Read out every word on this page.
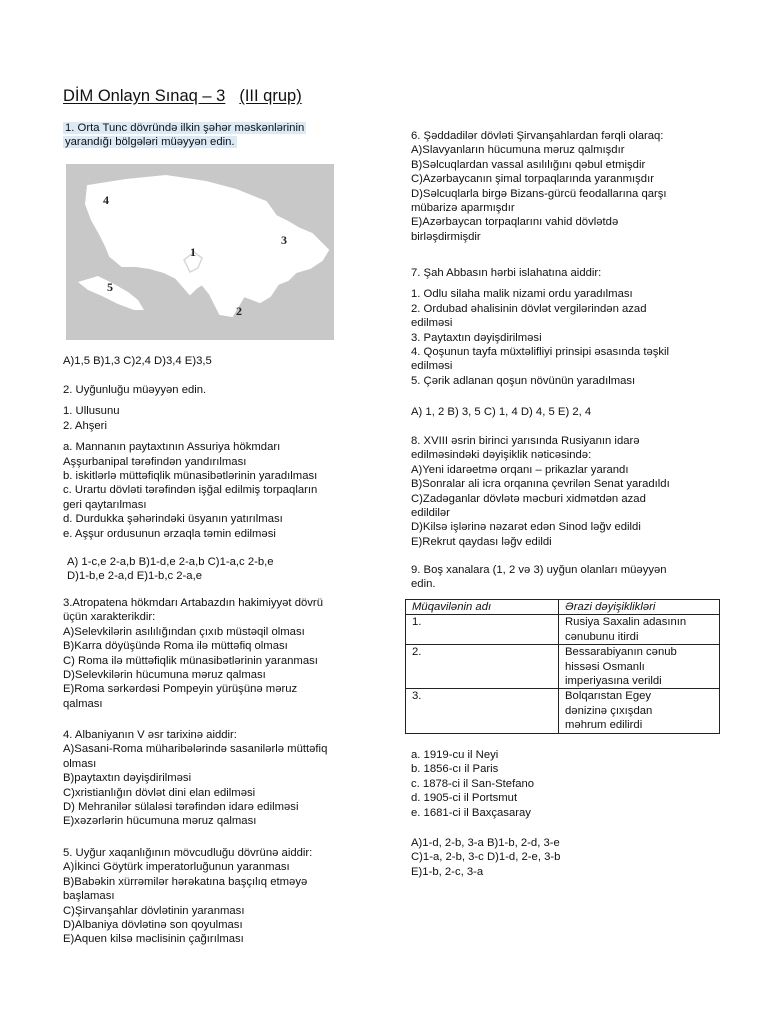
DİM Onlayn Sınaq – 3 (III qrup)
1. Orta Tunc dövründə ilkin şəhər məskənlərinin
yarandığı bölgələri müəyyən edin.
1
2
3
4
5
A)1,5 B)1,3 C)2,4 D)3,4 E)3,5
2. Uyğunluğu müəyyən edin.
1. Ullusunu
2. Ahşeri
a. Mannanın paytaxtının Assuriya hökmdarı
Aşşurbanipal tərəfindən yandırılması
b. iskitlərlə müttəfiqlik münasibətlərinin yaradılması
c. Urartu dövləti tərəfindən işğal edilmiş torpaqların
geri qaytarılması
d. Durdukka şəhərindəki üsyanın yatırılması
e. Aşşur ordusunun ərzaqla təmin edilməsi
A) 1-c,e 2-a,b B)1-d,e 2-a,b C)1-a,c 2-b,e
D)1-b,e 2-a,d E)1-b,c 2-a,e
3.Atropatena hökmdarı Artabazdın hakimiyyət dövrü
üçün xarakterikdir:
A)Selevkilərin asılılığından çıxıb müstəqil olması
B)Karra döyüşündə Roma ilə müttəfiq olması
C) Roma ilə müttəfiqlik münasibətlərinin yaranması
D)Selevkilərin hücumuna məruz qalması
E)Roma sərkərdəsi Pompeyin yürüşünə məruz
qalması
4. Albaniyanın V əsr tarixinə aiddir:
A)Sasani-Roma müharibələrində sasanilərlə müttəfiq
olması
B)paytaxtın dəyişdirilməsi
C)xristianlığın dövlət dini elan edilməsi
D) Mehranilər sülaləsi tərəfindən idarə edilməsi
E)xəzərlərin hücumuna məruz qalması
5. Uyğur xaqanlığının mövcudluğu dövrünə aiddir:
A)İkinci Göytürk imperatorluğunun yaranması
B)Babəkin xürrəmilər hərəkatına başçılıq etməyə
başlaması
C)Şirvanşahlar dövlətinin yaranması
D)Albaniya dövlətinə son qoyulması
E)Aquen kilsə məclisinin çağırılması
6. Şəddadilər dövləti Şirvanşahlardan fərqli olaraq:
A)Slavyanların hücumuna məruz qalmışdır
B)Səlcuqlardan vassal asılılığını qəbul etmişdir
C)Azərbaycanın şimal torpaqlarında yaranmışdır
D)Səlcuqlarla birgə Bizans-gürcü feodallarına qarşı
mübarizə aparmışdır
E)Azərbaycan torpaqlarını vahid dövlətdə
birləşdirmişdir
7. Şah Abbasın hərbi islahatına aiddir:
1. Odlu silaha malik nizami ordu yaradılması
2. Ordubad əhalisinin dövlət vergilərindən azad
edilməsi
3. Paytaxtın dəyişdirilməsi
4. Qoşunun tayfa müxtəlifliyi prinsipi əsasında təşkil
edilməsi
5. Çərik adlanan qoşun növünün yaradılması
A) 1, 2 B) 3, 5 C) 1, 4 D) 4, 5 E) 2, 4
8. XVIII əsrin birinci yarısında Rusiyanın idarə
edilməsindəki dəyişiklik nəticəsində:
A)Yeni idarəetmə orqanı – prikazlar yarandı
B)Sonralar ali icra orqanına çevrilən Senat yaradıldı
C)Zadəganlar dövlətə məcburi xidmətdən azad
edildilər
D)Kilsə işlərinə nəzarət edən Sinod ləğv edildi
E)Rekrut qaydası ləğv edildi
9. Boş xanalara (1, 2 və 3) uyğun olanları müəyyən
edin.
Müqavilənin adı	Ərazi dəyişiklikləri
1.	Rusiya Saxalin adasının
cənubunu itirdi

2.	Bessarabiyanın cənub
hissəsi Osmanlı
imperiyasına verildi

3.	Bolqarıstan Egey
dənizinə çıxışdan
məhrum edilirdi
a. 1919-cu il Neyi
b. 1856-cı il Paris
c. 1878-ci il San-Stefano
d. 1905-ci il Portsmut
e. 1681-ci il Baxçasaray
A)1-d, 2-b, 3-a B)1-b, 2-d, 3-e
C)1-a, 2-b, 3-c D)1-d, 2-e, 3-b
E)1-b, 2-c, 3-a
